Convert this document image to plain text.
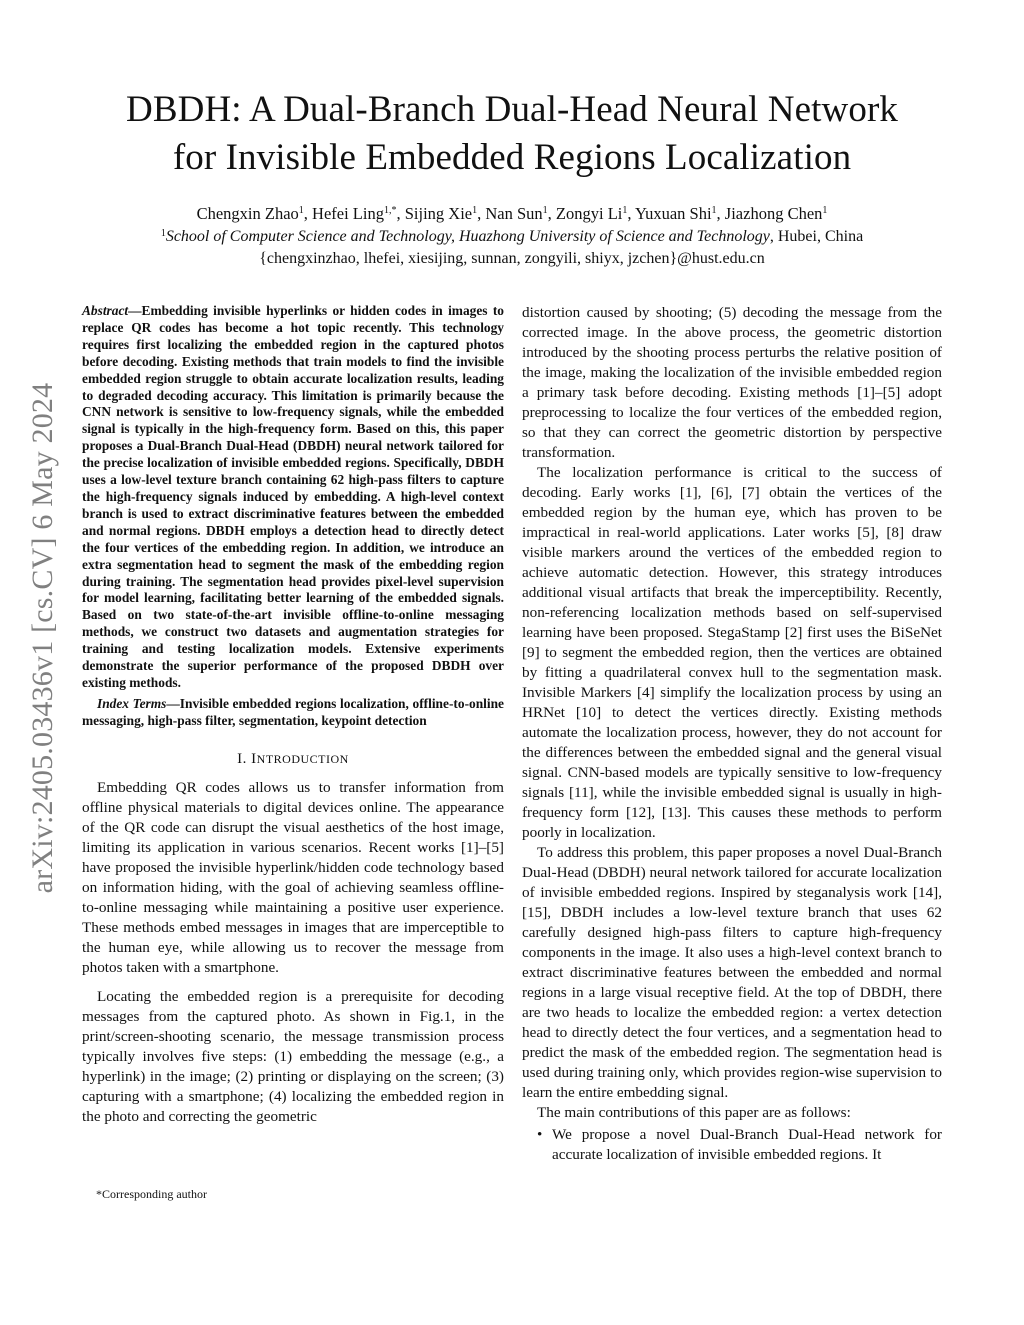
arXiv:2405.03436v1 [cs.CV] 6 May 2024
DBDH: A Dual-Branch Dual-Head Neural Network
for Invisible Embedded Regions Localization
Chengxin Zhao$^1$, Hefei Ling$^{1,*}$, Sijing Xie$^1$, Nan Sun$^1$, Zongyi Li$^1$, Yuxuan Shi$^1$, Jiazhong Chen$^1$
$^1$School of Computer Science and Technology, Huazhong University of Science and Technology, Hubei, China
{chengxinzhao, lhefei, xiesijing, sunnan, zongyili, shiyx, jzchen}@hust.edu.cn

Abstract—Embedding invisible hyperlinks or hidden codes in images to replace QR codes has become a hot topic recently. This technology requires first localizing the embedded region in the captured photos before decoding. Existing methods that train models to find the invisible embedded region struggle to obtain accurate localization results, leading to degraded decoding accuracy. This limitation is primarily because the CNN network is sensitive to low-frequency signals, while the embedded signal is typically in the high-frequency form. Based on this, this paper proposes a Dual-Branch Dual-Head (DBDH) neural network tailored for the precise localization of invisible embedded regions. Specifically, DBDH uses a low-level texture branch containing 62 high-pass filters to capture the high-frequency signals induced by embedding. A high-level context branch is used to extract discriminative features between the embedded and normal regions. DBDH employs a detection head to directly detect the four vertices of the embedding region. In addition, we introduce an extra segmentation head to segment the mask of the embedding region during training. The segmentation head provides pixel-level supervision for model learning, facilitating better learning of the embedded signals. Based on two state-of-the-art invisible offline-to-online messaging methods, we construct two datasets and augmentation strategies for training and testing localization models. Extensive experiments demonstrate the superior performance of the proposed DBDH over existing methods.

Index Terms—Invisible embedded regions localization, offline-to-online messaging, high-pass filter, segmentation, keypoint detection

I. INTRODUCTION

Embedding QR codes allows us to transfer information from offline physical materials to digital devices online. The appearance of the QR code can disrupt the visual aesthetics of the host image, limiting its application in various scenarios. Recent works [1]–[5] have proposed the invisible hyperlink/hidden code technology based on information hiding, with the goal of achieving seamless offline-to-online messaging while maintaining a positive user experience. These methods embed messages in images that are imperceptible to the human eye, while allowing us to recover the message from photos taken with a smartphone.

Locating the embedded region is a prerequisite for decoding messages from the captured photo. As shown in Fig.1, in the print/screen-shooting scenario, the message transmission process typically involves five steps: (1) embedding the message (e.g., a hyperlink) in the image; (2) printing or displaying on the screen; (3) capturing with a smartphone; (4) localizing the embedded region in the photo and correcting the geometric

*Corresponding author

distortion caused by shooting; (5) decoding the message from the corrected image. In the above process, the geometric distortion introduced by the shooting process perturbs the relative position of the image, making the localization of the invisible embedded region a primary task before decoding. Existing methods [1]–[5] adopt preprocessing to localize the four vertices of the embedded region, so that they can correct the geometric distortion by perspective transformation.

The localization performance is critical to the success of decoding. Early works [1], [6], [7] obtain the vertices of the embedded region by the human eye, which has proven to be impractical in real-world applications. Later works [5], [8] draw visible markers around the vertices of the embedded region to achieve automatic detection. However, this strategy introduces additional visual artifacts that break the imperceptibility. Recently, non-referencing localization methods based on self-supervised learning have been proposed. StegaStamp [2] first uses the BiSeNet [9] to segment the embedded region, then the vertices are obtained by fitting a quadrilateral convex hull to the segmentation mask. Invisible Markers [4] simplify the localization process by using an HRNet [10] to detect the vertices directly. Existing methods automate the localization process, however, they do not account for the differences between the embedded signal and the general visual signal. CNN-based models are typically sensitive to low-frequency signals [11], while the invisible embedded signal is usually in high-frequency form [12], [13]. This causes these methods to perform poorly in localization.

To address this problem, this paper proposes a novel Dual-Branch Dual-Head (DBDH) neural network tailored for accurate localization of invisible embedded regions. Inspired by steganalysis work [14], [15], DBDH includes a low-level texture branch that uses 62 carefully designed high-pass filters to capture high-frequency components in the image. It also uses a high-level context branch to extract discriminative features between the embedded and normal regions in a large visual receptive field. At the top of DBDH, there are two heads to localize the embedded region: a vertex detection head to directly detect the four vertices, and a segmentation head to predict the mask of the embedded region. The segmentation head is used during training only, which provides region-wise supervision to learn the entire embedding signal.

The main contributions of this paper are as follows:

• We propose a novel Dual-Branch Dual-Head network for accurate localization of invisible embedded regions. It
